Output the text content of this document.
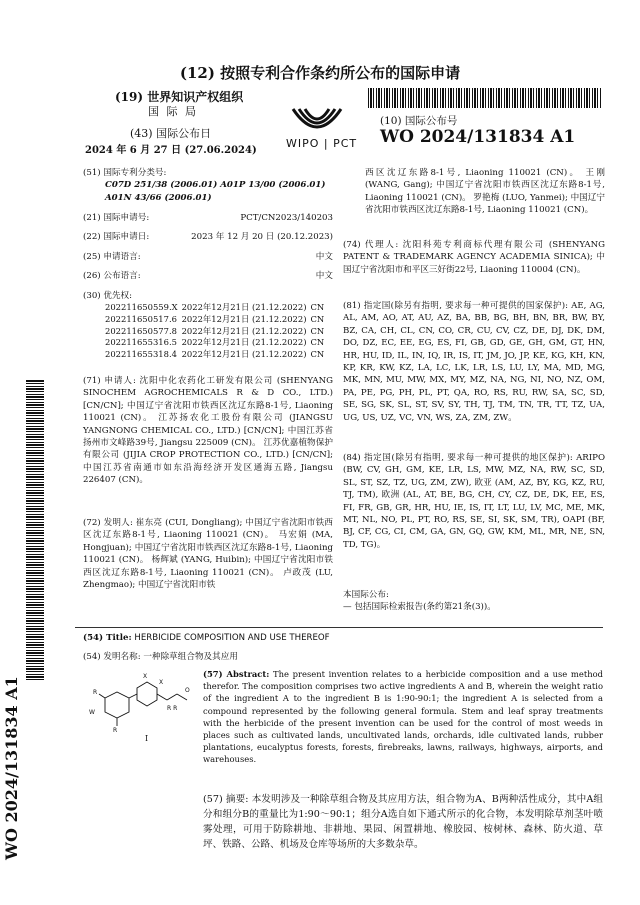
(12) 按照专利合作条约所公布的国际申请
(19) 世界知识产权组织
国 际 局
WIPO | PCT
(10) 国际公布号
WO 2024/131834 A1
(43) 国际公布日
2024 年 6 月 27 日 (27.06.2024)
(51) 国际专利分类号:
C07D 251/38 (2006.01) A01P 13/00 (2006.01)
A01N 43/66 (2006.01)
(21) 国际申请号:	PCT/CN2023/140203
(22) 国际申请日:	2023 年 12 月 20 日 (20.12.2023)
(25) 申请语言:	中文
(26) 公布语言:	中文
(30) 优先权:
202211650559.X	2022年12月21日 (21.12.2022)	CN
202211650517.6	2022年12月21日 (21.12.2022)	CN
202211650577.8	2022年12月21日 (21.12.2022)	CN
202211655316.5	2022年12月21日 (21.12.2022)	CN
202211655318.4	2022年12月21日 (21.12.2022)	CN
(71) 申请人: 沈阳中化农药化工研发有限公司 (SHENYANG SINOCHEM AGROCHEMICALS R & D CO., LTD.) [CN/CN]; 中国辽宁省沈阳市铁西区沈辽东路8-1号, Liaoning 110021 (CN)。 江苏扬农化工股份有限公司 (JIANGSU YANGNONG CHEMICAL CO., LTD.) [CN/CN]; 中国江苏省扬州市文峰路39号, Jiangsu 225009 (CN)。 江苏优嘉植物保护有限公司 (JIJIA CROP PROTECTION CO., LTD.) [CN/CN]; 中国江苏省南通市如东沿海经济开发区通海五路, Jiangsu 226407 (CN)。
(72) 发明人: 崔东亮 (CUI, Dongliang); 中国辽宁省沈阳市铁西区沈辽东路8-1号, Liaoning 110021 (CN)。 马宏娟 (MA, Hongjuan); 中国辽宁省沈阳市铁西区沈辽东路8-1号, Liaoning 110021 (CN)。 杨辉斌 (YANG, Huibin); 中国辽宁省沈阳市铁西区沈辽东路8-1号, Liaoning 110021 (CN)。 卢政茂 (LU, Zhengmao); 中国辽宁省沈阳市铁
西区沈辽东路8-1号, Liaoning 110021 (CN)。 王刚 (WANG, Gang); 中国辽宁省沈阳市铁西区沈辽东路8-1号, Liaoning 110021 (CN)。 罗艳梅 (LUO, Yanmei); 中国辽宁省沈阳市铁西区沈辽东路8-1号, Liaoning 110021 (CN)。
(74) 代理人: 沈阳科苑专利商标代理有限公司 (SHENYANG PATENT & TRADEMARK AGENCY ACADEMIA SINICA); 中国辽宁省沈阳市和平区三好街22号, Liaoning 110004 (CN)。
(81) 指定国(除另有指明, 要求每一种可提供的国家保护): AE, AG, AL, AM, AO, AT, AU, AZ, BA, BB, BG, BH, BN, BR, BW, BY, BZ, CA, CH, CL, CN, CO, CR, CU, CV, CZ, DE, DJ, DK, DM, DO, DZ, EC, EE, EG, ES, FI, GB, GD, GE, GH, GM, GT, HN, HR, HU, ID, IL, IN, IQ, IR, IS, IT, JM, JO, JP, KE, KG, KH, KN, KP, KR, KW, KZ, LA, LC, LK, LR, LS, LU, LY, MA, MD, MG, MK, MN, MU, MW, MX, MY, MZ, NA, NG, NI, NO, NZ, OM, PA, PE, PG, PH, PL, PT, QA, RO, RS, RU, RW, SA, SC, SD, SE, SG, SK, SL, ST, SV, SY, TH, TJ, TM, TN, TR, TT, TZ, UA, UG, US, UZ, VC, VN, WS, ZA, ZM, ZW。
(84) 指定国(除另有指明, 要求每一种可提供的地区保护): ARIPO (BW, CV, GH, GM, KE, LR, LS, MW, MZ, NA, RW, SC, SD, SL, ST, SZ, TZ, UG, ZM, ZW), 欧亚 (AM, AZ, BY, KG, KZ, RU, TJ, TM), 欧洲 (AL, AT, BE, BG, CH, CY, CZ, DE, DK, EE, ES, FI, FR, GB, GR, HR, HU, IE, IS, IT, LT, LU, LV, MC, ME, MK, MT, NL, NO, PL, PT, RO, RS, SE, SI, SK, SM, TR), OAPI (BF, BJ, CF, CG, CI, CM, GA, GN, GQ, GW, KM, ML, MR, NE, SN, TD, TG)。
本国际公布:
— 包括国际检索报告(条约第21条(3))。
(54) Title: HERBICIDE COMPOSITION AND USE THEREOF
(54) 发明名称: 一种除草组合物及其应用
R
W
R
X
X
R R
O
I
(57) Abstract: The present invention relates to a herbicide composition and a use method therefor. The composition comprises two active ingredients A and B, wherein the weight ratio of the ingredient A to the ingredient B is 1:90-90:1; the ingredient A is selected from a compound represented by the following general formula. Stem and leaf spray treatments with the herbicide of the present invention can be used for the control of most weeds in places such as cultivated lands, uncultivated lands, orchards, idle cultivated lands, rubber plantations, eucalyptus forests, forests, firebreaks, lawns, railways, highways, airports, and warehouses.
(57) 摘要: 本发明涉及一种除草组合物及其应用方法，组合物为A、B两种活性成分，其中A组分和组分B的重量比为1:90～90:1；组分A选自如下通式所示的化合物，本发明除草剂茎叶喷雾处理，可用于防除耕地、非耕地、果园、闲置耕地、橡胶园、桉树林、森林、防火道、草坪、铁路、公路、机场及仓库等场所的大多数杂草。
WO 2024/131834 A1
